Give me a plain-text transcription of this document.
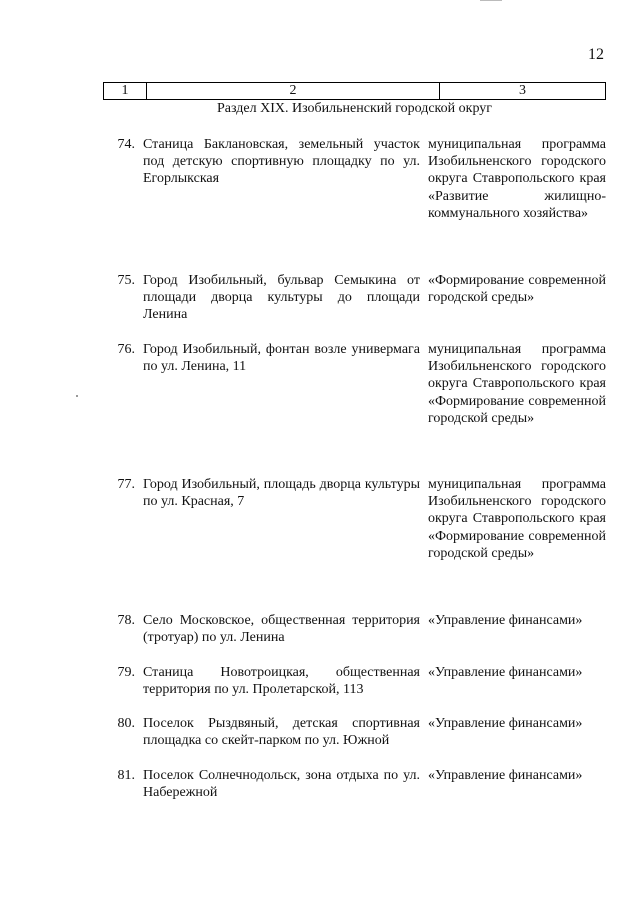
12
1	2	3
Раздел XIX. Изобильненский городской округ
74. Станица Баклановская, земельный участок под детскую спортивную площадку по ул. Егорлыкская
муниципальная программа Изобильненского городского округа Ставропольского края «Развитие жилищно-коммунального хозяйства»
75. Город Изобильный, бульвар Семыкина от площади дворца культуры до площади Ленина
«Формирование современной городской среды»
76. Город Изобильный, фонтан возле универмага по ул. Ленина, 11
муниципальная программа Изобильненского городского округа Ставропольского края «Формирование современной городской среды»
77. Город Изобильный, площадь дворца культуры по ул. Красная, 7
муниципальная программа Изобильненского городского округа Ставропольского края «Формирование современной городской среды»
78. Село Московское, общественная территория (тротуар) по ул. Ленина
«Управление финансами»
79. Станица Новотроицкая, общественная территория по ул. Пролетарской, 113
«Управление финансами»
80. Поселок Рыздвяный, детская спортивная площадка со скейт-парком по ул. Южной
«Управление финансами»
81. Поселок Солнечнодольск, зона отдыха по ул. Набережной
«Управление финансами»
